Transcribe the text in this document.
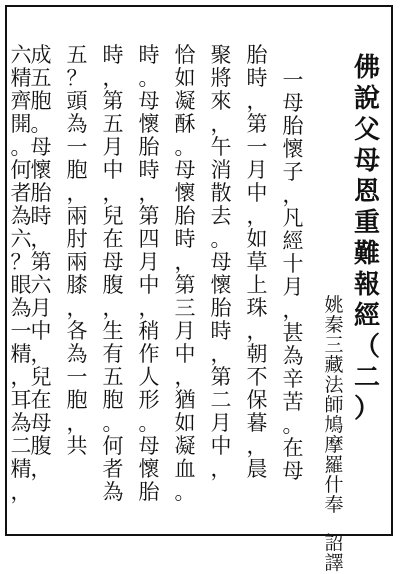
佛
說
父
母
恩
重
難
報
經
（
二
）
姚
秦
三
藏
法
師
鳩
摩
羅
什
奉
詔
譯
一
母
胎
懷
子
，
凡
經
十
月
，
甚
為
辛
苦
。
在
母
胎
時
，
第
一
月
中
，
如
草
上
珠
，
朝
不
保
暮
，
晨
聚
將
來
，
午
消
散
去
。
母
懷
胎
時
，
第
二
月
中
，
恰
如
凝
酥
。
母
懷
胎
時
，
第
三
月
中
，
猶
如
凝
血
。
時
。
母
懷
胎
時
，
第
四
月
中
，
稍
作
人
形
。
母
懷
胎
時
，
第
五
月
中
，
兒
在
母
腹
，
生
有
五
胞
。
何
者
為
五
？
頭
為
一
胞
，
兩
肘
兩
膝
，
各
為
一
胞
，
共
成
五
胞
。
母
懷
胎
時
，
第
六
月
中
，
兒
在
母
腹
，
六
精
齊
開
。
何
者
為
六
？
眼
為
一
精
，
耳
為
二
精
，
